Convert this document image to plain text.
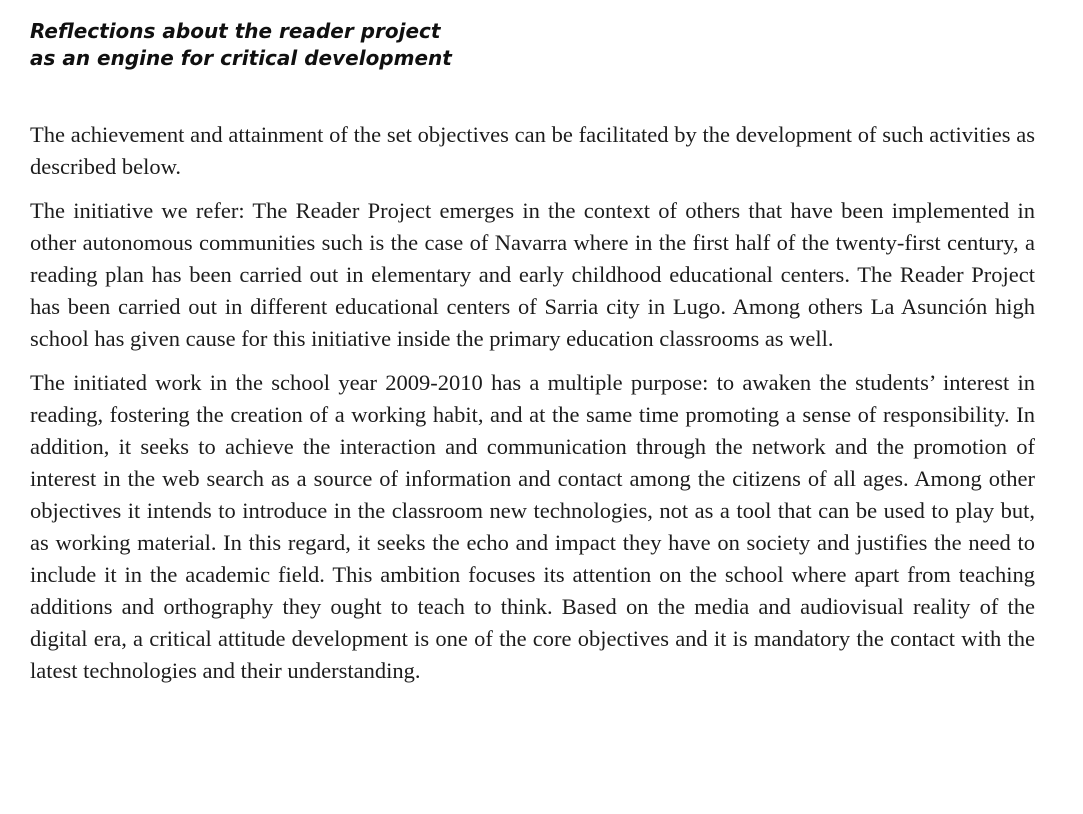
Reflections about the reader project
as an engine for critical development

The achievement and attainment of the set objectives can be facilitated by the development of such activities as described below.

The initiative we refer: The Reader Project emerges in the context of others that have been implemented in other autonomous communities such is the case of Navarra where in the first half of the twenty-first century, a reading plan has been carried out in elementary and early childhood educational centers. The Reader Project has been carried out in different educational centers of Sarria city in Lugo. Among others La Asunción high school has given cause for this initiative inside the primary education classrooms as well.

The initiated work in the school year 2009-2010 has a multiple purpose: to awaken the students’ interest in reading, fostering the creation of a working habit, and at the same time promoting a sense of responsibility. In addition, it seeks to achieve the interaction and communication through the network and the promotion of interest in the web search as a source of information and contact among the citizens of all ages. Among other objectives it intends to introduce in the classroom new technologies, not as a tool that can be used to play but, as working material. In this regard, it seeks the echo and impact they have on society and justifies the need to include it in the academic field. This ambition focuses its attention on the school where apart from teaching additions and orthography they ought to teach to think. Based on the media and audiovisual reality of the digital era, a critical attitude development is one of the core objectives and it is mandatory the contact with the latest technologies and their understanding.
